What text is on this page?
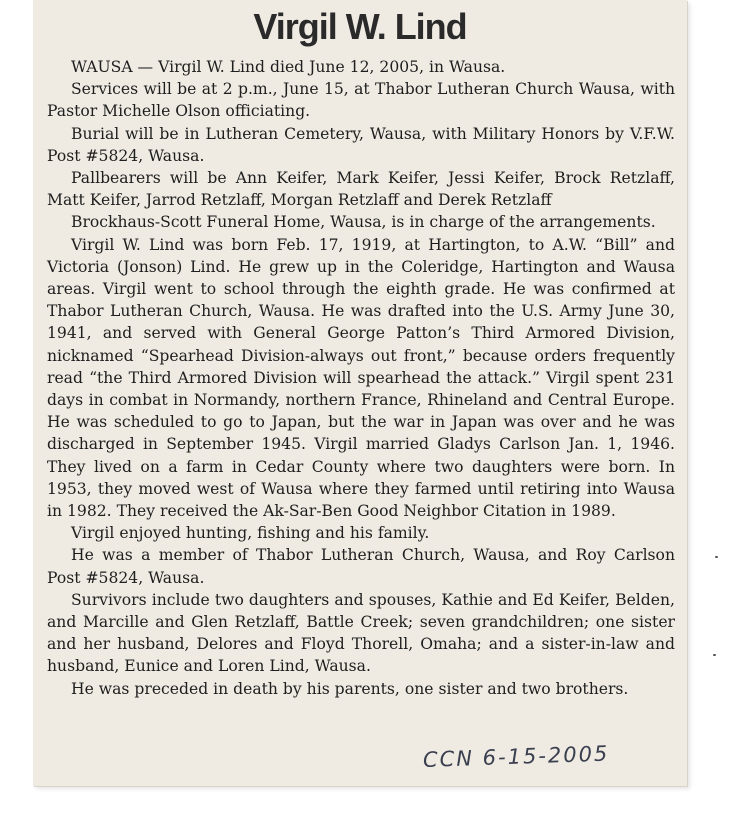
Virgil W. Lind

WAUSA — Virgil W. Lind died June 12, 2005, in Wausa.

Services will be at 2 p.m., June 15, at Thabor Lutheran Church Wausa, with Pastor Michelle Olson officiating.

Burial will be in Lutheran Cemetery, Wausa, with Military Honors by V.F.W. Post #5824, Wausa.

Pallbearers will be Ann Keifer, Mark Keifer, Jessi Keifer, Brock Retzlaff, Matt Keifer, Jarrod Retzlaff, Morgan Retzlaff and Derek Retzlaff

Brockhaus-Scott Funeral Home, Wausa, is in charge of the arrangements.

Virgil W. Lind was born Feb. 17, 1919, at Hartington, to A.W. “Bill” and Victoria (Jonson) Lind. He grew up in the Coleridge, Hartington and Wausa areas. Virgil went to school through the eighth grade. He was confirmed at Thabor Lutheran Church, Wausa. He was drafted into the U.S. Army June 30, 1941, and served with General George Patton’s Third Armored Division, nicknamed “Spearhead Division-always out front,” because orders frequently read “the Third Armored Division will spearhead the attack.” Virgil spent 231 days in combat in Normandy, northern France, Rhineland and Central Europe. He was scheduled to go to Japan, but the war in Japan was over and he was discharged in September 1945. Virgil married Gladys Carlson Jan. 1, 1946. They lived on a farm in Cedar County where two daughters were born. In 1953, they moved west of Wausa where they farmed until retiring into Wausa in 1982. They received the Ak-Sar-Ben Good Neighbor Citation in 1989.

Virgil enjoyed hunting, fishing and his family.

He was a member of Thabor Lutheran Church, Wausa, and Roy Carlson Post #5824, Wausa.

Survivors include two daughters and spouses, Kathie and Ed Keifer, Belden, and Marcille and Glen Retzlaff, Battle Creek; seven grandchildren; one sister and her husband, Delores and Floyd Thorell, Omaha; and a sister-in-law and husband, Eunice and Loren Lind, Wausa.

He was preceded in death by his parents, one sister and two brothers.

CCN 6-15-2005
